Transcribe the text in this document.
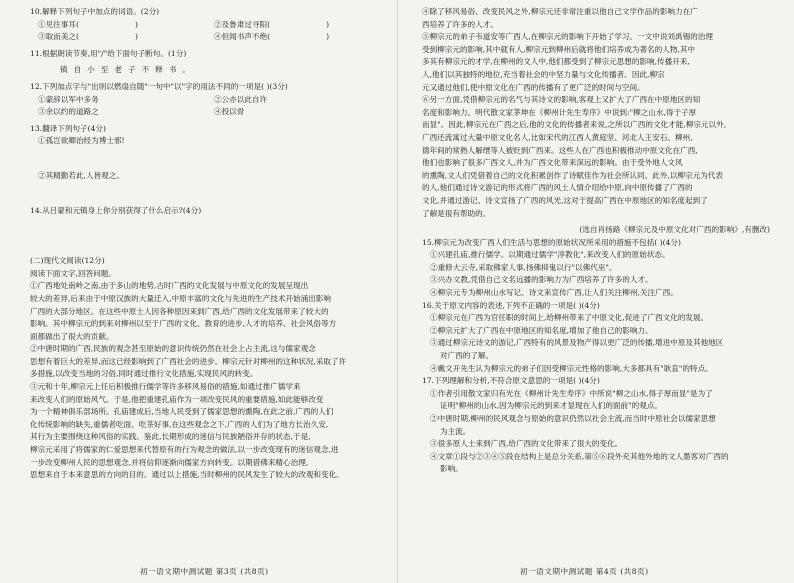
10.解释下列句子中加点的词语。(2分)
①见往事耳(	)	②及鲁肃过寻阳(	)
③取而美之(	)	④但闻书声不绝(	)
11.根据朗读节奏,用"/"给下面句子断句。(1分)
镇自小至老子不释书。
12.下列加点字与"出则以燃扇自随"一句中"以"字的用法不同的一项是( )(3分)
①蒙辞以军中多务	②公亦以此自许
③余以约的道路之	④投以骨
13.翻译下列句子(4分)
①孤岂欲卿治经为博士邪!
②其精勤若此,人皆观之。
14.从吕蒙和元镇身上你分别获得了什么启示?(4分)
(二)现代文阅读(12分)
阅读下面文字,回答问题。
①广西地处南岭之南,由于多山的地势,古时广西的文化发展与中原文化的发展呈现出
较大的差异,后来由于中原汉族的大量迁入,中原丰富的文化与先进的生产技术开始涌出影响
广西的大部分地区。在这些中原士人因各种原因来到广西,给广西的文化发展带来了较大的
影响。其中柳宗元的到来对柳州以至于广西的文化、教育的进步,人才的培养、社会风俗等方
面都做出了很大的贡献。
②中唐时期的广西,民族的观念甚至原始的意识传统仍然在社会上占主流,这与儒家观念
思想有着巨大的差异,而这已经影响到了广西社会的进步。柳宗元针对柳州的这种状况,采取了许
多措施,以改变当地的习俗,同时通过推行文化措施,实现民风的转变。
③元和十年,柳宗元上任后积极推行儒学等许多移风易俗的措施,如通过推广儒学来
来改变人们的原始风气。于是,他把重建孔庙作为一项改变民风的重要措施,如此能够改变
为一个精神俱乐部场所。孔庙建成后,当地人民受到了儒家思想的熏陶,在此之前,广西的人们
化传统影响的缺失,重儒者吃面、吃茶好事,在这些观念之下,广西的人们为了地方长治久安,
其行为主要围绕这种风俗的实践。鉴此,长期形成的迷信与民族陋俗并存的状态,于是,
柳宗元采用了将儒家的仁爱思想来代替原有的行为观念的做法,以一步改变现有的迷信观念,进
一步改变柳州人民的思想观念,并将信仰逐渐向儒家方向转变。以期借佛来精心治理,
思想来自于本来意思的方向的目的。通过以上措施,当时柳州的民风发生了较大的改观和变化。
④除了移风易俗、改变民风之外,柳宗元还非常注重以他自己文学作品的影响力在广
西培养了许多的人才。
⑤柳宗元的弟子韦道安等广西人,在柳宗元的影响下开始了学习。一文中说刘禹锡的治理
受到柳宗元的影响,其中就有人,柳宗元到柳州后就将他们培养成为著名的人物,其中
多其有柳宗元的才学,在柳州的文人中,他们都受到了柳宗元思想的影响,传播开来,
人,他们以其独特的地位,充当着社会的中坚力量与文化传播者。因此,柳宗
元又通过他们,使中原文化在广西的传播有了更广泛的时间与空间。
⑥另一方面,凭借柳宗元的名气与其诗文的影响,客观上又扩大了广西在中原地区的知
名度和影响力。明代散文家茅坤在《柳州计先生寿序》中说到:"柳之山水,得于子厚
而显"。因此,柳宗元在广西之后,他的文化的传播者来说,之所以广西的文化才能,柳宗元以外,
广西还流寓过大量中原文化名人,比如宋代的江西人黄庭坚、河北人王安石、柳州,
德年间的常熟人解缙等人被贬到广西来。这些人在广西也积极推动中原文化在广西,
他们也影响了很多广西文人,并为广西文化带来深远的影响。由于受外地人文风
的熏陶,文人们凭借着自己的文化积累创作了诗赋佳作为社会所认同。此外,以柳宗元为代表
的人,他们通过诗文游记的形式将广西的风土人情介绍给中原,向中原传播了广西的
文化,并通过游记、诗文宣扬了广西的风光,这对于提高广西在中原地区的知名度起到了
了解是很有帮助的。
(选自肖扬路《柳宗元及中原文化对广西的影响》,有删改)
15.柳宗元为改变广西人们生活与思想的原始状况所采用的措施不包括( )(4分)
①兴建孔庙,推行儒学。以期通过儒学"淳教化",来改变人们的原始状态。
②重修大云寺,采取佛家人事,扬佛抑鬼以行"以佛代巫"。
③兴办文教,凭借自己文名远播的影响力为广西培养了许多的人才。
④柳宗元专为柳州山水写记、诗文来宣传广西,让人们关注柳州,关注广西。
16.关于原文内容的表述,下列不正确的一项是( )(4分)
①柳宗元在广西为官任职的时间上,给柳州带来了中原文化,促进了广西文化的发展。
②柳宗元扩大了广西在中原地区的知名度,增加了他自己的影响力。
③通过柳宗元诗文的游记,广西特有的风景及物产得以更广泛的传播,增进中原及其他地区
对广西的了解。
④戴文开先生认为柳宗元的弟子们因受柳宗元性格的影响,大多都具有"耿直"的特点。
17.下列理解和分析,不符合原文意思的一项是( )(4分)
①作者引用散文家归有光在《柳州计先生寿序》中所说"柳之山水,得子厚而显"是为了
证明"柳州的山水,因为柳宗元的到来才显现在人们的面前"的观点。
②中唐时期,柳州的民风观念与原始的意识仍然以社会主流,而当时中原社会以儒家思想
为主流。
③很多原人士来到广西,给广西的文化带来了很大的变化。
④文章①段与②③④⑤段在结构上是总分关系,第⑤⑥段外充其他外地的文人墨客对广西的
影响。
初一语文期中测试题 第3页 (共8页)	初一语文期中测试题 第4页 (共8页)
